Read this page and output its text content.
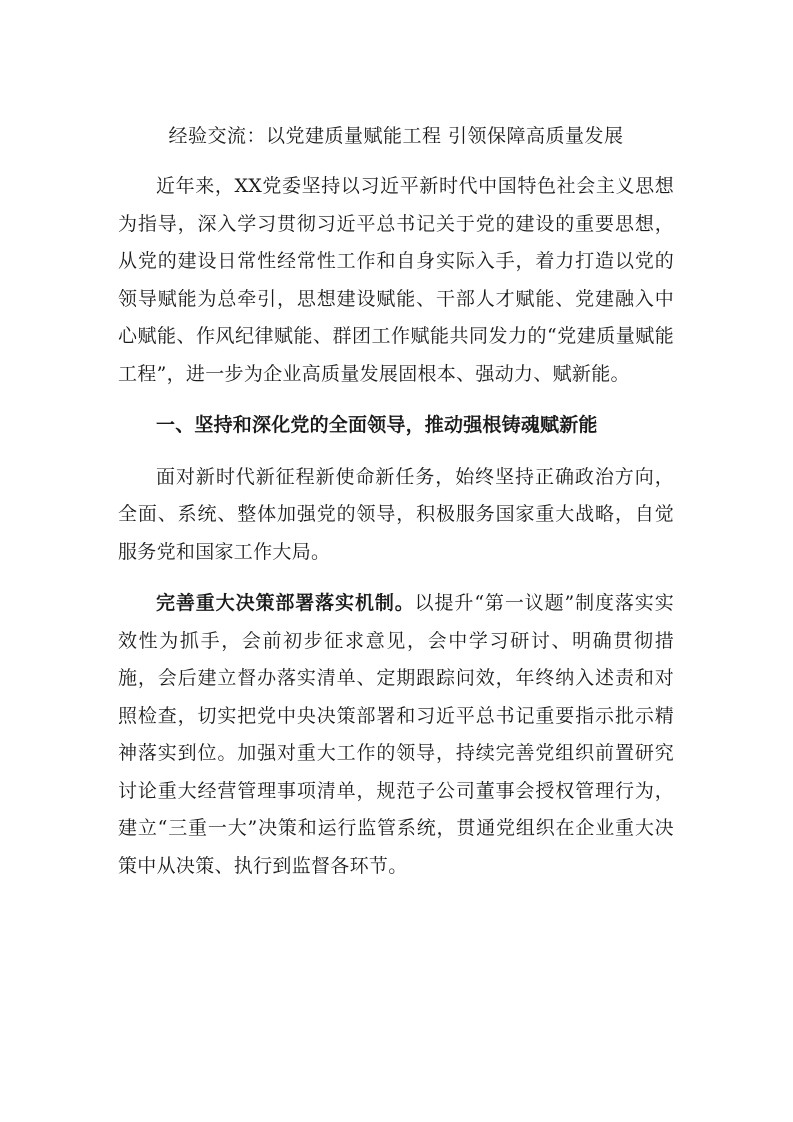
经验交流：以党建质量赋能工程 引领保障高质量发展

近年来，XX党委坚持以习近平新时代中国特色社会主义思想为指导，深入学习贯彻习近平总书记关于党的建设的重要思想，从党的建设日常性经常性工作和自身实际入手，着力打造以党的领导赋能为总牵引，思想建设赋能、干部人才赋能、党建融入中心赋能、作风纪律赋能、群团工作赋能共同发力的“党建质量赋能工程”，进一步为企业高质量发展固根本、强动力、赋新能。

一、坚持和深化党的全面领导，推动强根铸魂赋新能

面对新时代新征程新使命新任务，始终坚持正确政治方向，全面、系统、整体加强党的领导，积极服务国家重大战略，自觉服务党和国家工作大局。

完善重大决策部署落实机制。以提升“第一议题”制度落实实效性为抓手，会前初步征求意见，会中学习研讨、明确贯彻措施，会后建立督办落实清单、定期跟踪问效，年终纳入述责和对照检查，切实把党中央决策部署和习近平总书记重要指示批示精神落实到位。加强对重大工作的领导，持续完善党组织前置研究讨论重大经营管理事项清单，规范子公司董事会授权管理行为，建立“三重一大”决策和运行监管系统，贯通党组织在企业重大决策中从决策、执行到监督各环节。
